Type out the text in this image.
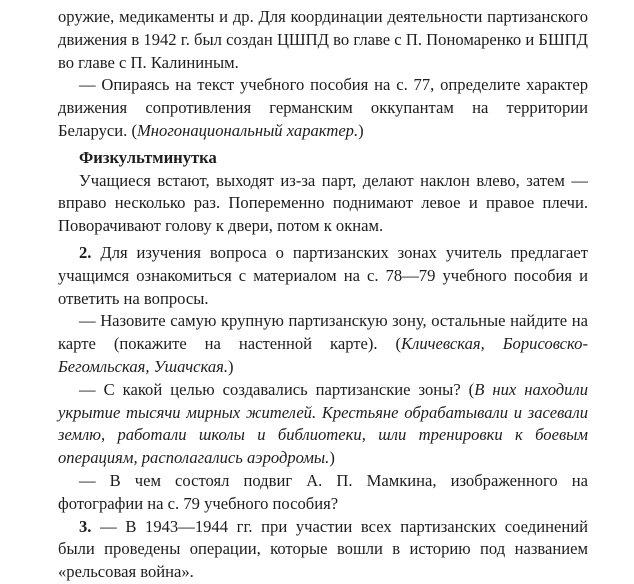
оружие, медикаменты и др. Для координации деятельности партизанского движения в 1942 г. был создан ЦШПД во главе с П. Пономаренко и БШПД во главе с П. Калининым.

— Опираясь на текст учебного пособия на с. 77, определите характер движения сопротивления германским оккупантам на территории Беларуси. (Многонациональный характер.)

Физкультминутка

Учащиеся встают, выходят из-за парт, делают наклон влево, затем — вправо несколько раз. Попеременно поднимают левое и правое плечи. Поворачивают голову к двери, потом к окнам.

2. Для изучения вопроса о партизанских зонах учитель предлагает учащимся ознакомиться с материалом на с. 78—79 учебного пособия и ответить на вопросы.

— Назовите самую крупную партизанскую зону, остальные найдите на карте (покажите на настенной карте). (Кличевская, Борисовско-Бегомльская, Ушачская.)

— С какой целью создавались партизанские зоны? (В них находили укрытие тысячи мирных жителей. Крестьяне обрабатывали и засевали землю, работали школы и библиотеки, шли тренировки к боевым операциям, располагались аэродромы.)

— В чем состоял подвиг А. П. Мамкина, изображенного на фотографии на с. 79 учебного пособия?

3. — В 1943—1944 гг. при участии всех партизанских соединений были проведены операции, которые вошли в историю под названием «рельсовая война».
